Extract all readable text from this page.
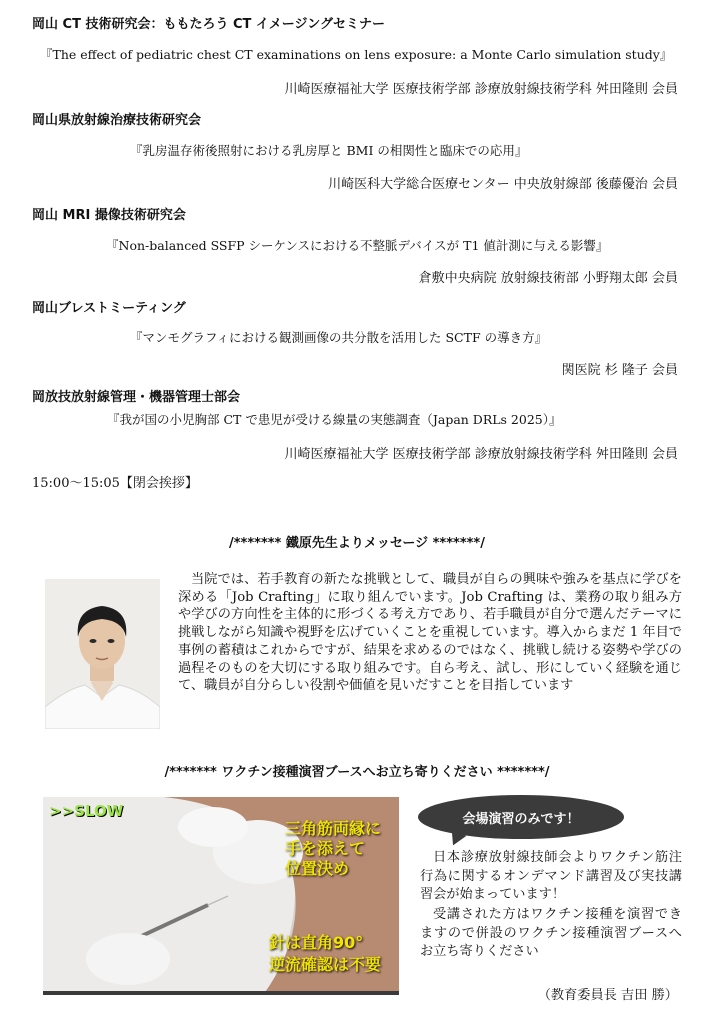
岡山 CT 技術研究会：ももたろう CT イメージングセミナー
『The effect of pediatric chest CT examinations on lens exposure: a Monte Carlo simulation study』
川崎医療福祉大学 医療技術学部 診療放射線技術学科 舛田隆則 会員
岡山県放射線治療技術研究会
『乳房温存術後照射における乳房厚と BMI の相関性と臨床での応用』
川崎医科大学総合医療センター 中央放射線部 後藤優治 会員
岡山 MRI 撮像技術研究会
『Non-balanced SSFP シーケンスにおける不整脈デバイスが T1 値計測に与える影響』
倉敷中央病院 放射線技術部 小野翔太郎 会員
岡山ブレストミーティング
『マンモグラフィにおける観測画像の共分散を活用した SCTF の導き方』
関医院 杉 隆子 会員
岡放技放射線管理・機器管理士部会
『我が国の小児胸部 CT で患児が受ける線量の実態調査（Japan DRLs 2025）』
川崎医療福祉大学 医療技術学部 診療放射線技術学科 舛田隆則 会員
15:00～15:05【閉会挨拶】
/******* 鐵原先生よりメッセージ *******/
当院では、若手教育の新たな挑戦として、職員が自らの興味や強みを基点に学びを深める「Job Crafting」に取り組んでいます。Job Crafting は、業務の取り組み方や学びの方向性を主体的に形づくる考え方であり、若手職員が自分で選んだテーマに挑戦しながら知識や視野を広げていくことを重視しています。導入からまだ 1 年目で事例の蓄積はこれからですが、結果を求めるのではなく、挑戦し続ける姿勢や学びの過程そのものを大切にする取り組みです。自ら考え、試し、形にしていく経験を通じて、職員が自分らしい役割や価値を見いだすことを目指しています
/******* ワクチン接種演習ブースへお立ち寄りください *******/
>>SLOW
三角筋両縁に
手を添えて
位置決め
針は直角90°
逆流確認は不要
会場演習のみです！
日本診療放射線技師会よりワクチン筋注行為に関するオンデマンド講習及び実技講習会が始まっています！
受講された方はワクチン接種を演習できますので併設のワクチン接種演習ブースへお立ち寄りください
（教育委員長 吉田 勝）
